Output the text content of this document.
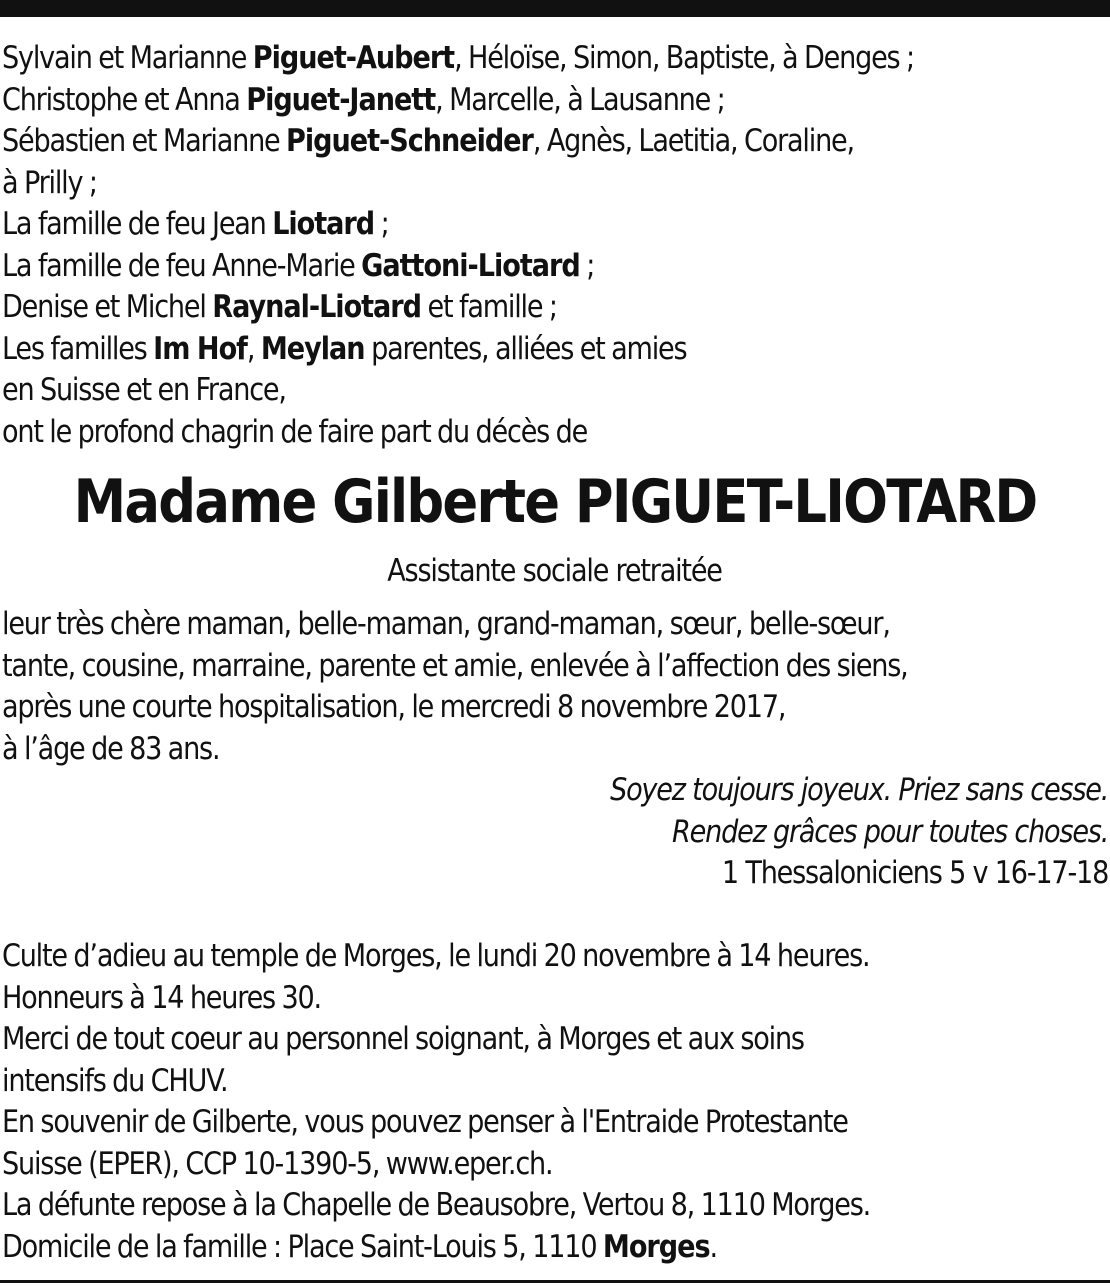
Sylvain et Marianne Piguet-Aubert, Héloïse, Simon, Baptiste, à Denges ;
Christophe et Anna Piguet-Janett, Marcelle, à Lausanne ;
Sébastien et Marianne Piguet-Schneider, Agnès, Laetitia, Coraline,
à Prilly ;
La famille de feu Jean Liotard ;
La famille de feu Anne-Marie Gattoni-Liotard ;
Denise et Michel Raynal-Liotard et famille ;
Les familles Im Hof, Meylan parentes, alliées et amies
en Suisse et en France,
ont le profond chagrin de faire part du décès de
Madame Gilberte PIGUET-LIOTARD
Assistante sociale retraitée
leur très chère maman, belle-maman, grand-maman, sœur, belle-sœur,
tante, cousine, marraine, parente et amie, enlevée à l’affection des siens,
après une courte hospitalisation, le mercredi 8 novembre 2017,
à l’âge de 83 ans.
Soyez toujours joyeux. Priez sans cesse.
Rendez grâces pour toutes choses.
1 Thessaloniciens 5 v 16-17-18
Culte d’adieu au temple de Morges, le lundi 20 novembre à 14 heures.
Honneurs à 14 heures 30.
Merci de tout coeur au personnel soignant, à Morges et aux soins
intensifs du CHUV.
En souvenir de Gilberte, vous pouvez penser à l'Entraide Protestante
Suisse (EPER), CCP 10-1390-5, www.eper.ch.
La défunte repose à la Chapelle de Beausobre, Vertou 8, 1110 Morges.
Domicile de la famille : Place Saint-Louis 5, 1110 Morges.
